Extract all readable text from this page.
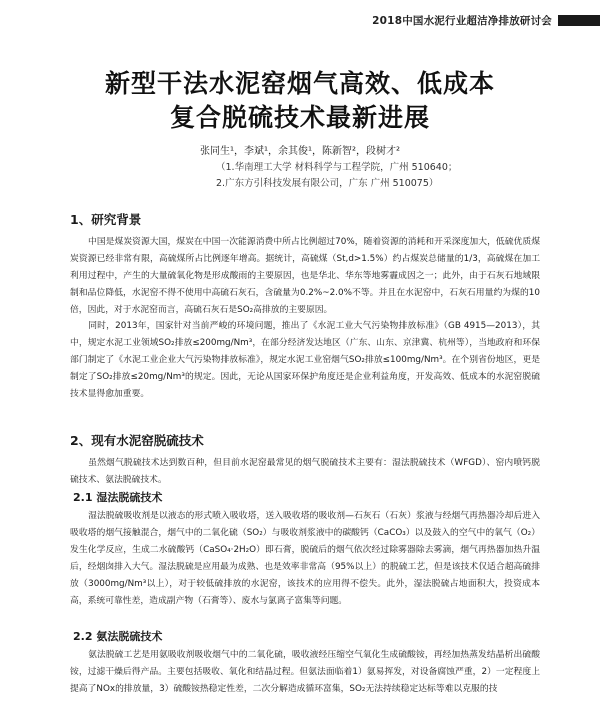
2018中国水泥行业超洁净排放研讨会
新型干法水泥窑烟气高效、低成本
复合脱硫技术最新进展
张同生¹，李斌¹，余其俊¹，陈新智²，段树才²
（1.华南理工大学 材料科学与工程学院，广州 510640；
2.广东方引科技发展有限公司，广东 广州 510075）
1、研究背景

中国是煤炭资源大国，煤炭在中国一次能源消费中所占比例超过70%，随着资源的消耗和开采深度加大，低硫优质煤炭资源已经非常有限，高硫煤所占比例逐年增高。据统计，高硫煤（St,d>1.5%）约占煤炭总储量的1/3，高硫煤在加工利用过程中，产生的大量硫氧化物是形成酸雨的主要原因，也是华北、华东等地雾霾成因之一；此外，由于石灰石地域限制和品位降低，水泥窑不得不使用中高硫石灰石，含硫量为0.2%~2.0%不等。并且在水泥窑中，石灰石用量约为煤的10倍，因此，对于水泥窑而言，高硫石灰石是SO₂高排放的主要原因。

同时，2013年，国家针对当前严峻的环境问题，推出了《水泥工业大气污染物排放标准》（GB 4915—2013），其中，规定水泥工业领域SO₂排放≤200mg/Nm³，在部分经济发达地区（广东、山东、京津冀、杭州等），当地政府和环保部门制定了《水泥工业企业大气污染物排放标准》，规定水泥工业窑烟气SO₂排放≤100mg/Nm³。在个别省份地区，更是制定了SO₂排放≤20mg/Nm³的规定。因此，无论从国家环保护角度还是企业利益角度，开发高效、低成本的水泥窑脱硫技术显得愈加重要。

2、现有水泥窑脱硫技术

虽然烟气脱硫技术达到数百种，但目前水泥窑最常见的烟气脱硫技术主要有：湿法脱硫技术（WFGD）、窑内喷钙脱硫技术、氨法脱硫技术。

2.1 湿法脱硫技术

湿法脱硫吸收剂是以液态的形式喷入吸收塔，送入吸收塔的吸收剂—石灰石（石灰）浆液与经烟气再热器冷却后进入吸收塔的烟气接触混合，烟气中的二氧化硫（SO₂）与吸收剂浆液中的碳酸钙（CaCO₃）以及鼓入的空气中的氧气（O₂）发生化学反应，生成二水硫酸钙（CaSO₄·2H₂O）即石膏，脱硫后的烟气依次经过除雾器除去雾滴，烟气再热器加热升温后，经烟囱排入大气。湿法脱硫是应用最为成熟、也是效率非常高（95%以上）的脱硫工艺，但是该技术仅适合超高硫排放（3000mg/Nm³以上），对于较低硫排放的水泥窑，该技术的应用得不偿失。此外，湿法脱硫占地面积大，投资成本高，系统可靠性差，造成副产物（石膏等）、废水与氯离子富集等问题。

2.2 氨法脱硫技术

氨法脱硫工艺是用氨吸收剂吸收烟气中的二氧化硫，吸收液经压缩空气氧化生成硫酸铵，再经加热蒸发结晶析出硫酸铵，过滤干燥后得产品。主要包括吸收、氧化和结晶过程。但氨法面临着1）氨易挥发，对设备腐蚀严重，2）一定程度上提高了NOx的排放量，3）硫酸铵热稳定性差，二次分解造成循环富集，SO₂无法持续稳定达标等难以克服的技
